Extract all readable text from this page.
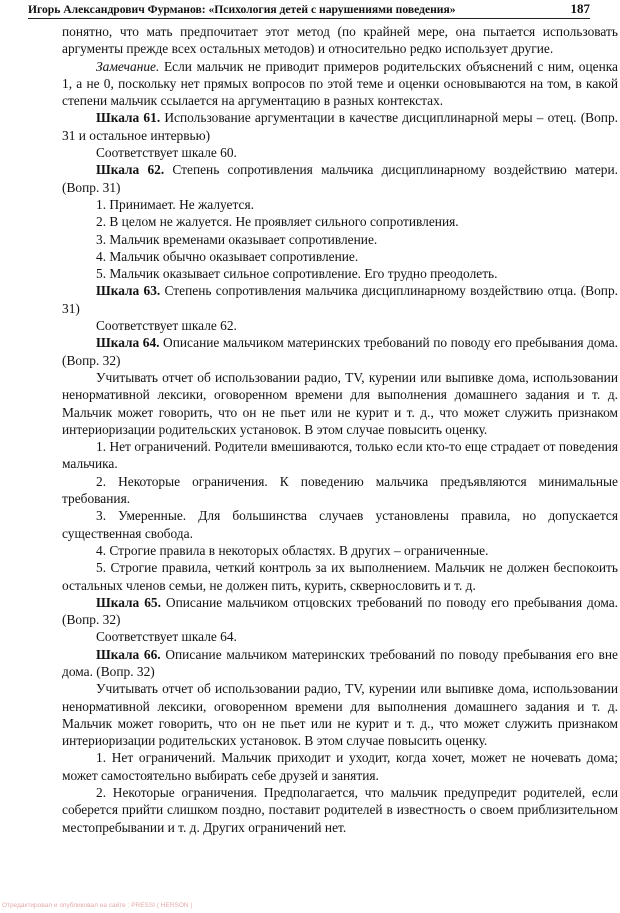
Игорь Александрович Фурманов: «Психология детей с нарушениями поведения»	187

понятно, что мать предпочитает этот метод (по крайней мере, она пытается использовать аргументы прежде всех остальных методов) и относительно редко использует другие.

Замечание. Если мальчик не приводит примеров родительских объяснений с ним, оценка 1, а не 0, поскольку нет прямых вопросов по этой теме и оценки основываются на том, в какой степени мальчик ссылается на аргументацию в разных контекстах.

Шкала 61. Использование аргументации в качестве дисциплинарной меры – отец. (Вопр. 31 и остальное интервью)

Соответствует шкале 60.

Шкала 62. Степень сопротивления мальчика дисциплинарному воздействию матери. (Вопр. 31)

1. Принимает. Не жалуется.

2. В целом не жалуется. Не проявляет сильного сопротивления.

3. Мальчик временами оказывает сопротивление.

4. Мальчик обычно оказывает сопротивление.

5. Мальчик оказывает сильное сопротивление. Его трудно преодолеть.

Шкала 63. Степень сопротивления мальчика дисциплинарному воздействию отца. (Вопр. 31)

Соответствует шкале 62.

Шкала 64. Описание мальчиком материнских требований по поводу его пребывания дома. (Вопр. 32)

Учитывать отчет об использовании радио, TV, курении или выпивке дома, использовании ненормативной лексики, оговоренном времени для выполнения домашнего задания и т. д. Мальчик может говорить, что он не пьет или не курит и т. д., что может служить признаком интериоризации родительских установок. В этом случае повысить оценку.

1. Нет ограничений. Родители вмешиваются, только если кто-то еще страдает от поведения мальчика.

2. Некоторые ограничения. К поведению мальчика предъявляются минимальные требования.

3. Умеренные. Для большинства случаев установлены правила, но допускается существенная свобода.

4. Строгие правила в некоторых областях. В других – ограниченные.

5. Строгие правила, четкий контроль за их выполнением. Мальчик не должен беспокоить остальных членов семьи, не должен пить, курить, сквернословить и т. д.

Шкала 65. Описание мальчиком отцовских требований по поводу его пребывания дома. (Вопр. 32)

Соответствует шкале 64.

Шкала 66. Описание мальчиком материнских требований по поводу пребывания его вне дома. (Вопр. 32)

Учитывать отчет об использовании радио, TV, курении или выпивке дома, использовании ненормативной лексики, оговоренном времени для выполнения домашнего задания и т. д. Мальчик может говорить, что он не пьет или не курит и т. д., что может служить признаком интериоризации родительских установок. В этом случае повысить оценку.

1. Нет ограничений. Мальчик приходит и уходит, когда хочет, может не ночевать дома; может самостоятельно выбирать себе друзей и занятия.

2. Некоторые ограничения. Предполагается, что мальчик предупредит родителей, если соберется прийти слишком поздно, поставит родителей в известность о своем приблизительном местопребывании и т. д. Других ограничений нет.

Отредактировал и опубликовал на сайте : PRESSI ( HERSON )
